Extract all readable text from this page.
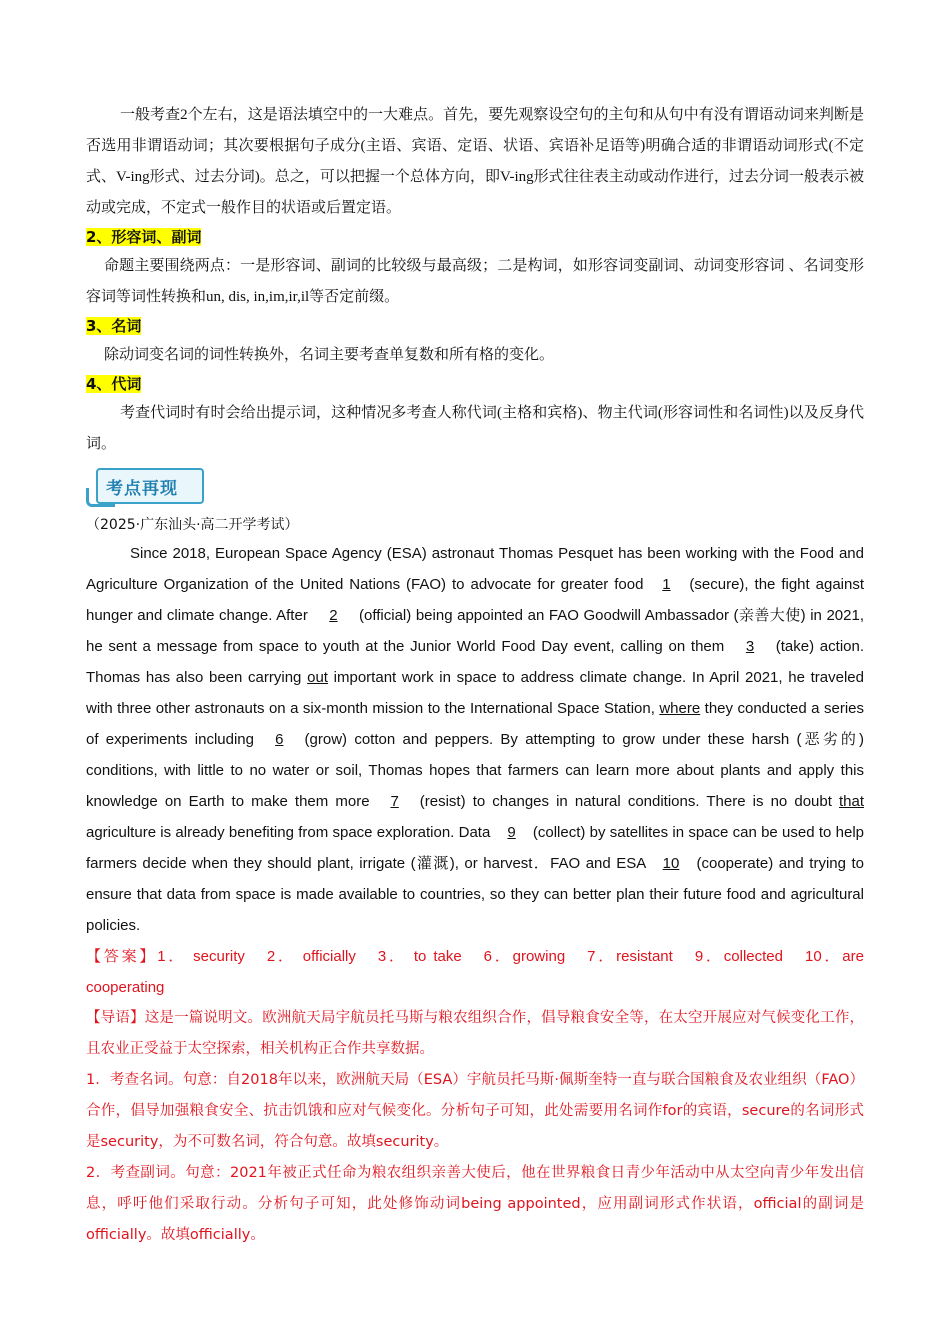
一般考查2个左右，这是语法填空中的一大难点。首先，要先观察设空句的主句和从句中有没有谓语动词来判断是否选用非谓语动词；其次要根据句子成分(主语、宾语、定语、状语、宾语补足语等)明确合适的非谓语动词形式(不定式、V-ing形式、过去分词)。总之，可以把握一个总体方向，即V-ing形式往往表主动或动作进行，过去分词一般表示被动或完成，不定式一般作目的状语或后置定语。

2、形容词、副词

命题主要围绕两点：一是形容词、副词的比较级与最高级；二是构词，如形容词变副词、动词变形容词 、名词变形容词等词性转换和un, dis, in,im,ir,il等否定前缀。

3、名词

除动词变名词的词性转换外，名词主要考查单复数和所有格的变化。

4、代词

考查代词时有时会给出提示词，这种情况多考查人称代词(主格和宾格)、物主代词(形容词性和名词性)以及反身代词。

考点再现

（2025·广东汕头·高二开学考试）

Since 2018, European Space Agency (ESA) astronaut Thomas Pesquet has been working with the Food and Agriculture Organization of the United Nations (FAO) to advocate for greater food 1 (secure), the fight against hunger and climate change. After 2 (official) being appointed an FAO Goodwill Ambassador (亲善大使) in 2021, he sent a message from space to youth at the Junior World Food Day event, calling on them 3 (take) action. Thomas has also been carrying out important work in space to address climate change. In April 2021, he traveled with three other astronauts on a six-month mission to the International Space Station, where they conducted a series of experiments including 6 (grow) cotton and peppers. By attempting to grow under these harsh (恶劣的) conditions, with little to no water or soil, Thomas hopes that farmers can learn more about plants and apply this knowledge on Earth to make them more 7 (resist) to changes in natural conditions. There is no doubt that agriculture is already benefiting from space exploration. Data 9 (collect) by satellites in space can be used to help farmers decide when they should plant, irrigate (灌溉), or harvest．FAO and ESA 10 (cooperate) and trying to ensure that data from space is made available to countries, so they can better plan their future food and agricultural policies.

【答案】1． security 2． officially 3． to take 6．growing 7．resistant 9．collected 10．are cooperating

【导语】这是一篇说明文。欧洲航天局宇航员托马斯与粮农组织合作，倡导粮食安全等，在太空开展应对气候变化工作，且农业正受益于太空探索，相关机构正合作共享数据。

1．考查名词。句意：自2018年以来，欧洲航天局（ESA）宇航员托马斯·佩斯奎特一直与联合国粮食及农业组织（FAO）合作，倡导加强粮食安全、抗击饥饿和应对气候变化。分析句子可知，此处需要用名词作for的宾语，secure的名词形式是security，为不可数名词，符合句意。故填security。

2．考查副词。句意：2021年被正式任命为粮农组织亲善大使后，他在世界粮食日青少年活动中从太空向青少年发出信息，呼吁他们采取行动。分析句子可知，此处修饰动词being appointed，应用副词形式作状语，official的副词是officially。故填officially。
